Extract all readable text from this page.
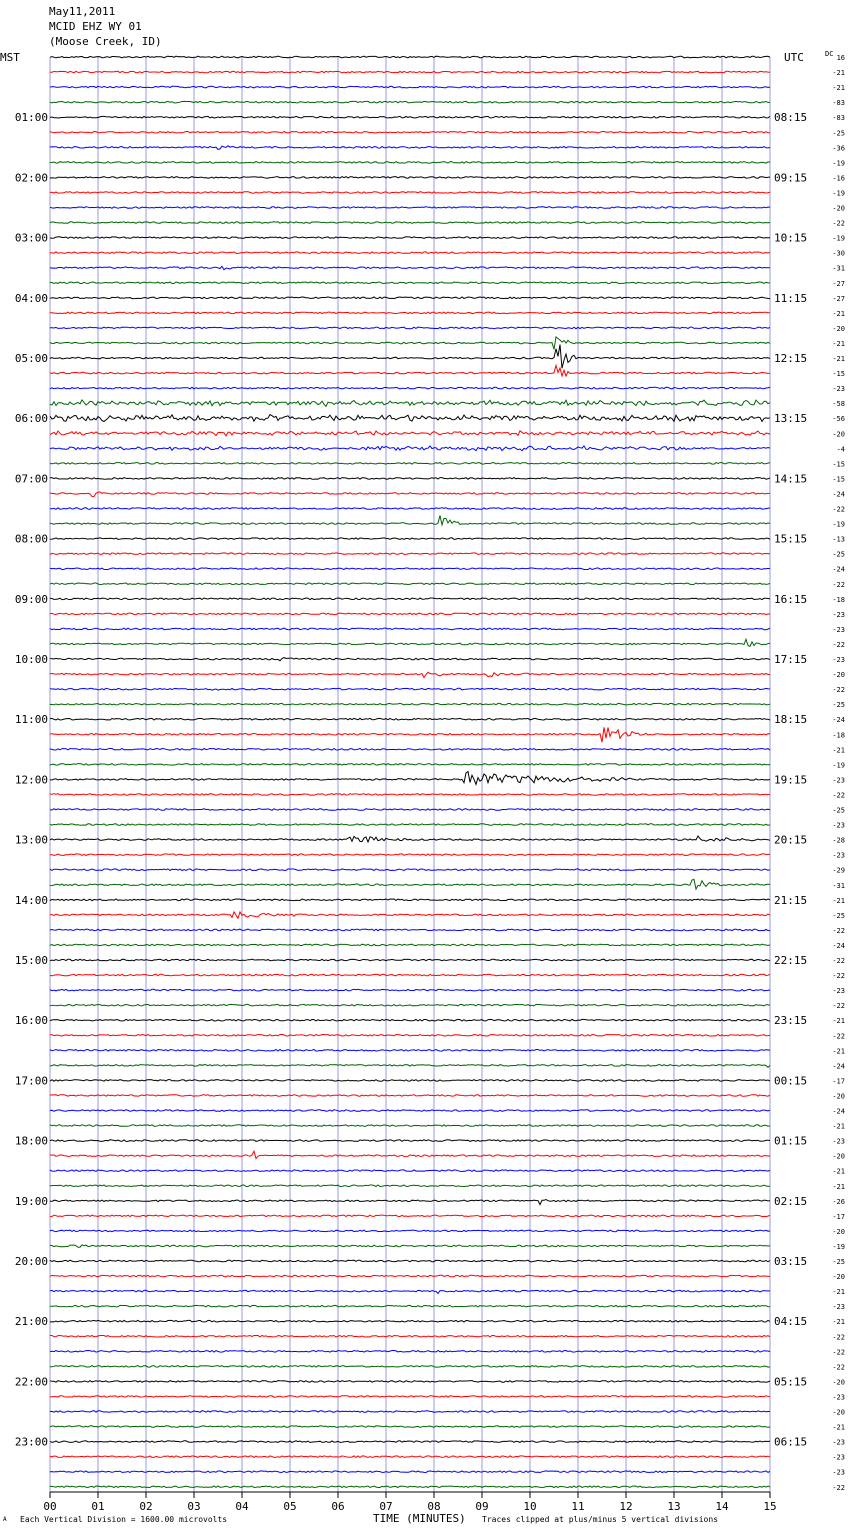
May11,2011
MCID EHZ WY 01
(Moose Creek, ID)
MST	UTC	DC
00	01	02	03	04	05	06	07	08	09	10	11	12	13	14	15
16
-21
-21
-83
-83
-25
-36
-19
-16
-19
-20
-22
-19
-30
-31
-27
-27
-21
-20
-21
-21
-15
-23
-58
-56
-20
-4
-15
-15
-24
-22
-19
-13
-25
-24
-22
-18
-23
-23
-22
-23
-20
-22
-25
-24
-18
-21
-19
-23
-22
-25
-23
-28
-23
-29
-31
-21
-25
-22
-24
-22
-22
-23
-22
-21
-22
-21
-24
-17
-20
-24
-21
-23
-20
-21
-21
-26
-17
-20
-19
-25
-20
-21
-23
-21
-22
-22
-22
-20
-23
-20
-21
-23
-23
-23
-22
01:00
02:00
03:00
04:00
05:00
06:00
07:00
08:00
09:00
10:00
11:00
12:00
13:00
14:00
15:00
16:00
17:00
18:00
19:00
20:00
21:00
22:00
23:00
08:15
09:15
10:15
11:15
12:15
13:15
14:15
15:15
16:15
17:15
18:15
19:15
20:15
21:15
22:15
23:15
00:15
01:15
02:15
03:15
04:15
05:15
06:15
A Each Vertical Division = 1600.00 microvolts	TIME (MINUTES) Traces clipped at plus/minus 5 vertical divisions
